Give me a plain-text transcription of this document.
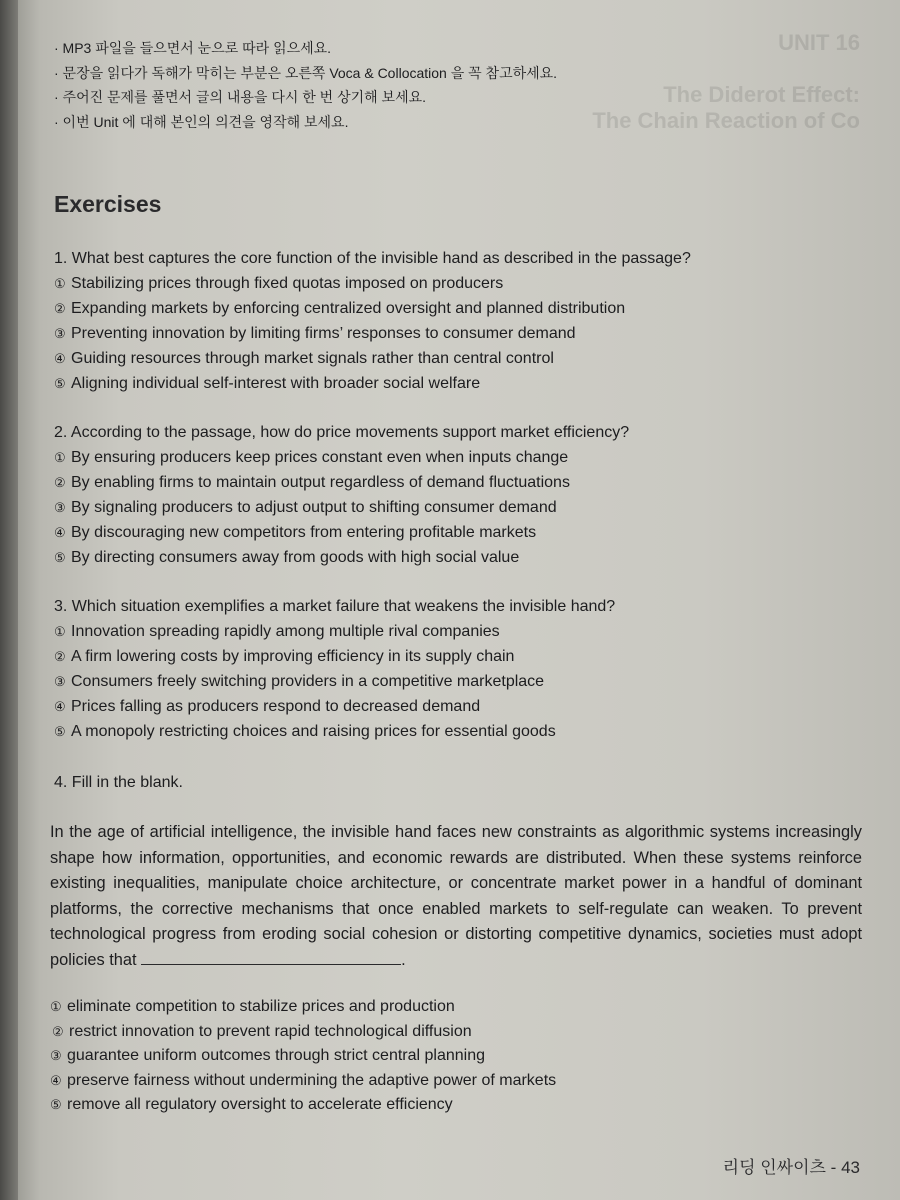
UNIT 16

The Diderot Effect:
The Chain Reaction of Co
· MP3 파일을 들으면서 눈으로 따라 읽으세요.
· 문장을 읽다가 독해가 막히는 부분은 오른쪽 Voca & Collocation 을 꼭 참고하세요.
· 주어진 문제를 풀면서 글의 내용을 다시 한 번 상기해 보세요.
· 이번 Unit 에 대해 본인의 의견을 영작해 보세요.
Exercises
1. What best captures the core function of the invisible hand as described in the passage?
① Stabilizing prices through fixed quotas imposed on producers
② Expanding markets by enforcing centralized oversight and planned distribution
③ Preventing innovation by limiting firms’ responses to consumer demand
④ Guiding resources through market signals rather than central control
⑤ Aligning individual self-interest with broader social welfare
2. According to the passage, how do price movements support market efficiency?
① By ensuring producers keep prices constant even when inputs change
② By enabling firms to maintain output regardless of demand fluctuations
③ By signaling producers to adjust output to shifting consumer demand
④ By discouraging new competitors from entering profitable markets
⑤ By directing consumers away from goods with high social value
3. Which situation exemplifies a market failure that weakens the invisible hand?
① Innovation spreading rapidly among multiple rival companies
② A firm lowering costs by improving efficiency in its supply chain
③ Consumers freely switching providers in a competitive marketplace
④ Prices falling as producers respond to decreased demand
⑤ A monopoly restricting choices and raising prices for essential goods
4. Fill in the blank.
In the age of artificial intelligence, the invisible hand faces new constraints as algorithmic systems increasingly shape how information, opportunities, and economic rewards are distributed. When these systems reinforce existing inequalities, manipulate choice architecture, or concentrate market power in a handful of dominant platforms, the corrective mechanisms that once enabled markets to self-regulate can weaken. To prevent technological progress from eroding social cohesion or distorting competitive dynamics, societies must adopt policies that	.
① eliminate competition to stabilize prices and production
② restrict innovation to prevent rapid technological diffusion
③ guarantee uniform outcomes through strict central planning
④ preserve fairness without undermining the adaptive power of markets
⑤ remove all regulatory oversight to accelerate efficiency
리딩 인싸이츠 - 43
